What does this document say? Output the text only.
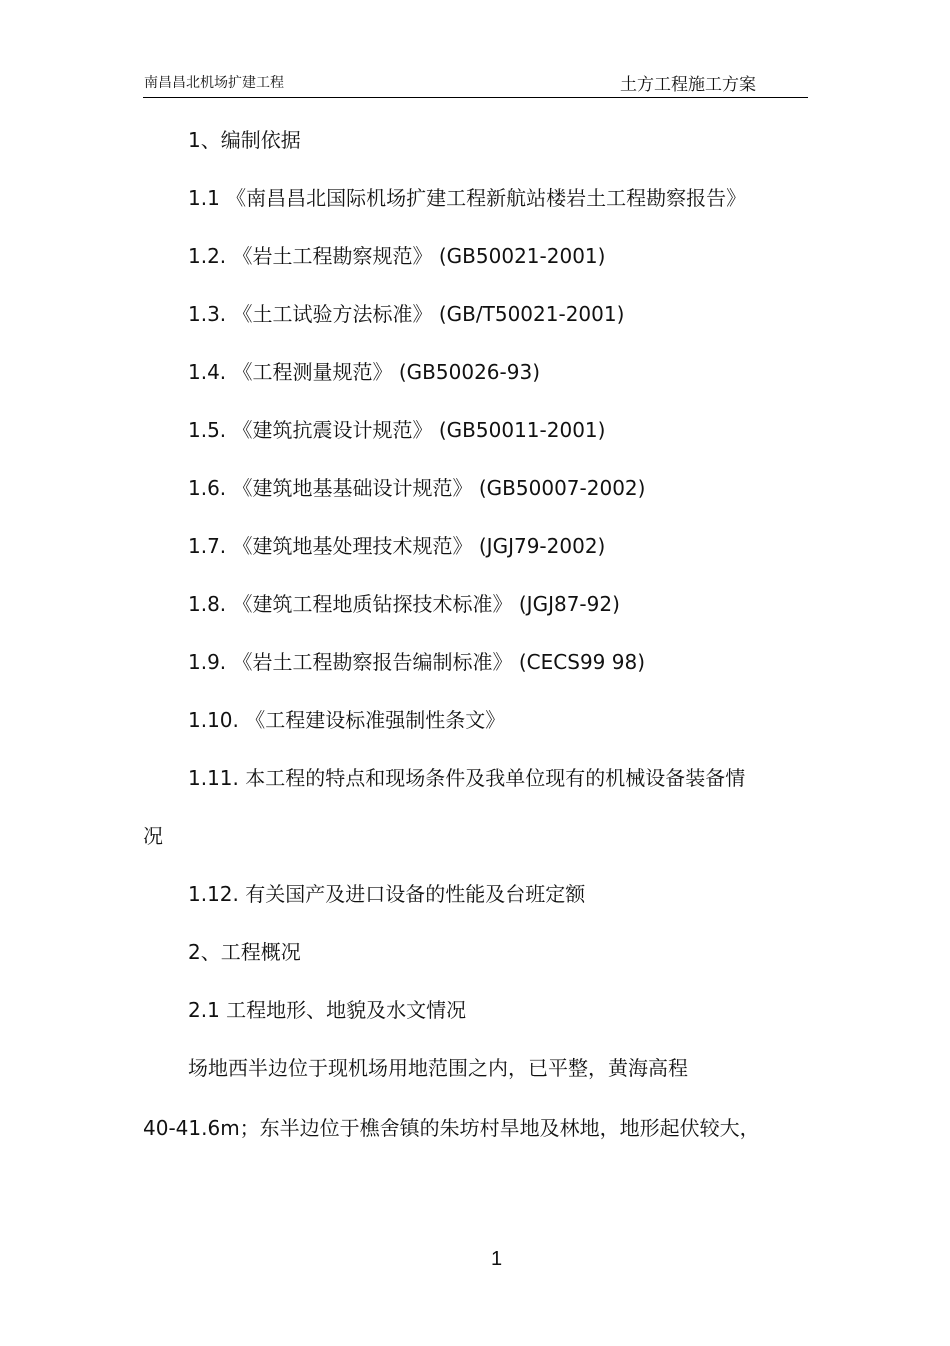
南昌昌北机场扩建工程	土方工程施工方案
1、编制依据
1.1 《南昌昌北国际机场扩建工程新航站楼岩土工程勘察报告》
1.2. 《岩土工程勘察规范》 (GB50021-2001)
1.3. 《土工试验方法标准》 (GB/T50021-2001)
1.4. 《工程测量规范》 (GB50026-93)
1.5. 《建筑抗震设计规范》 (GB50011-2001)
1.6. 《建筑地基基础设计规范》 (GB50007-2002)
1.7. 《建筑地基处理技术规范》 (JGJ79-2002)
1.8. 《建筑工程地质钻探技术标准》 (JGJ87-92)
1.9. 《岩土工程勘察报告编制标准》 (CECS99 98)
1.10. 《工程建设标准强制性条文》
1.11. 本工程的特点和现场条件及我单位现有的机械设备装备情
况
1.12. 有关国产及进口设备的性能及台班定额
2、工程概况
2.1 工程地形、地貌及水文情况
场地西半边位于现机场用地范围之内，已平整，黄海高程
40-41.6m；东半边位于樵舍镇的朱坊村旱地及林地，地形起伏较大，
1
